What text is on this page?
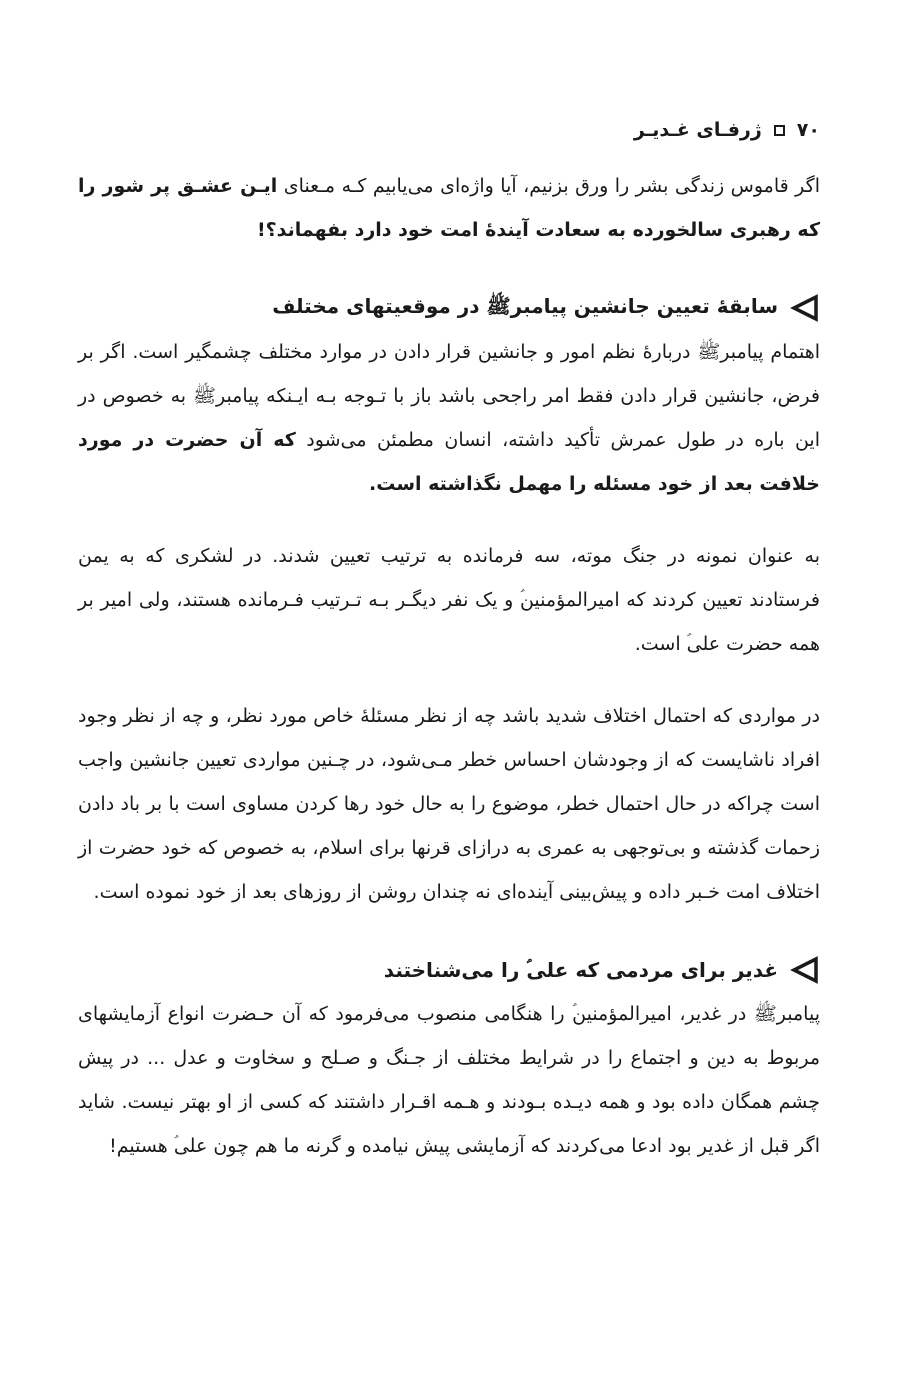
۷۰
ژرفـای غـدیـر

اگر قاموس زندگی بشر را ورق بزنیم، آیا واژه‌ای می‌یابیم کـه مـعنای ایـن عشـق پر شور را که رهبری سالخورده به سعادت آیندهٔ امت خود دارد بفهماند؟!

سابقهٔ تعیین جانشین پیامبرﷺ در موقعیتهای مختلف

اهتمام پیامبرﷺ دربارهٔ نظم امور و جانشین قرار دادن در موارد مختلف چشمگیر است. اگر بر فرض، جانشین قرار دادن فقط امر راجحی باشد باز با تـوجه بـه ایـنکه پیامبرﷺ به خصوص در این باره در طول عمرش تأکید داشته، انسان مطمئن می‌شود که آن حضرت در مورد خلافت بعد از خود مسئله را مهمل نگذاشته است.

به عنوان نمونه در جنگ موته، سه فرمانده به ترتیب تعیین شدند. در لشکری که به یمن فرستادند تعیین کردند که امیرالمؤمنین‌ؑ و یک نفر دیگـر بـه تـرتیب فـرمانده هستند، ولی امیر بر همه حضرت علی‌ؑ است.

در مواردی که احتمال اختلاف شدید باشد چه از نظر مسئلهٔ خاص مورد نظر، و چه از نظر وجود افراد ناشایست که از وجودشان احساس خطر مـی‌شود، در چـنین مواردی تعیین جانشین واجب است چراکه در حال احتمال خطر، موضوع را به حال خود رها کردن مساوی است با بر باد دادن زحمات گذشته و بی‌توجهی به عمری به درازای قرنها برای اسلام، به خصوص که خود حضرت از اختلاف امت خـبر داده و پیش‌بینی آینده‌ای نه چندان روشن از روزهای بعد از خود نموده است.

غدیر برای مردمی که علی‌ؑ را می‌شناختند

پیامبرﷺ در غدیر، امیرالمؤمنین‌ؑ را هنگامی منصوب می‌فرمود که آن حـضرت انواع آزمایشهای مربوط به دین و اجتماع را در شرایط مختلف از جـنگ و صـلح و سخاوت و عدل ... در پیش چشم همگان داده بود و همه دیـده بـودند و هـمه اقـرار داشتند که کسی از او بهتر نیست. شاید اگر قبل از غدیر بود ادعا می‌کردند که آزمایشی پیش نیامده و گرنه ما هم چون علی‌ؑ هستیم!
